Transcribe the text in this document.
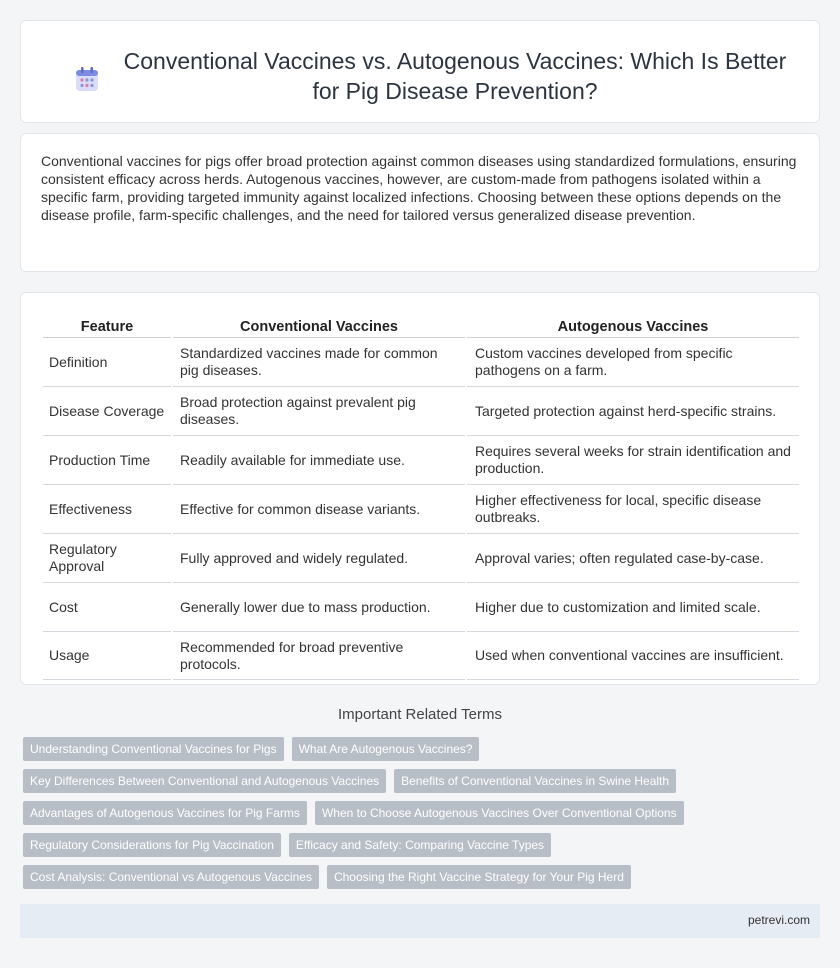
Conventional Vaccines vs. Autogenous Vaccines: Which Is Better for Pig Disease Prevention?

Conventional vaccines for pigs offer broad protection against common diseases using standardized formulations, ensuring consistent efficacy across herds. Autogenous vaccines, however, are custom-made from pathogens isolated within a specific farm, providing targeted immunity against localized infections. Choosing between these options depends on the disease profile, farm-specific challenges, and the need for tailored versus generalized disease prevention.

Feature	Conventional Vaccines	Autogenous Vaccines
Definition	Standardized vaccines made for common pig diseases.	Custom vaccines developed from specific pathogens on a farm.
Disease Coverage	Broad protection against prevalent pig diseases.	Targeted protection against herd-specific strains.
Production Time	Readily available for immediate use.	Requires several weeks for strain identification and production.
Effectiveness	Effective for common disease variants.	Higher effectiveness for local, specific disease outbreaks.
Regulatory Approval	Fully approved and widely regulated.	Approval varies; often regulated case-by-case.
Cost	Generally lower due to mass production.	Higher due to customization and limited scale.
Usage	Recommended for broad preventive protocols.	Used when conventional vaccines are insufficient.
Important Related Terms
Understanding Conventional Vaccines for Pigs	What Are Autogenous Vaccines?
Key Differences Between Conventional and Autogenous Vaccines	Benefits of Conventional Vaccines in Swine Health
Advantages of Autogenous Vaccines for Pig Farms	When to Choose Autogenous Vaccines Over Conventional Options
Regulatory Considerations for Pig Vaccination	Efficacy and Safety: Comparing Vaccine Types
Cost Analysis: Conventional vs Autogenous Vaccines	Choosing the Right Vaccine Strategy for Your Pig Herd
petrevi.com
